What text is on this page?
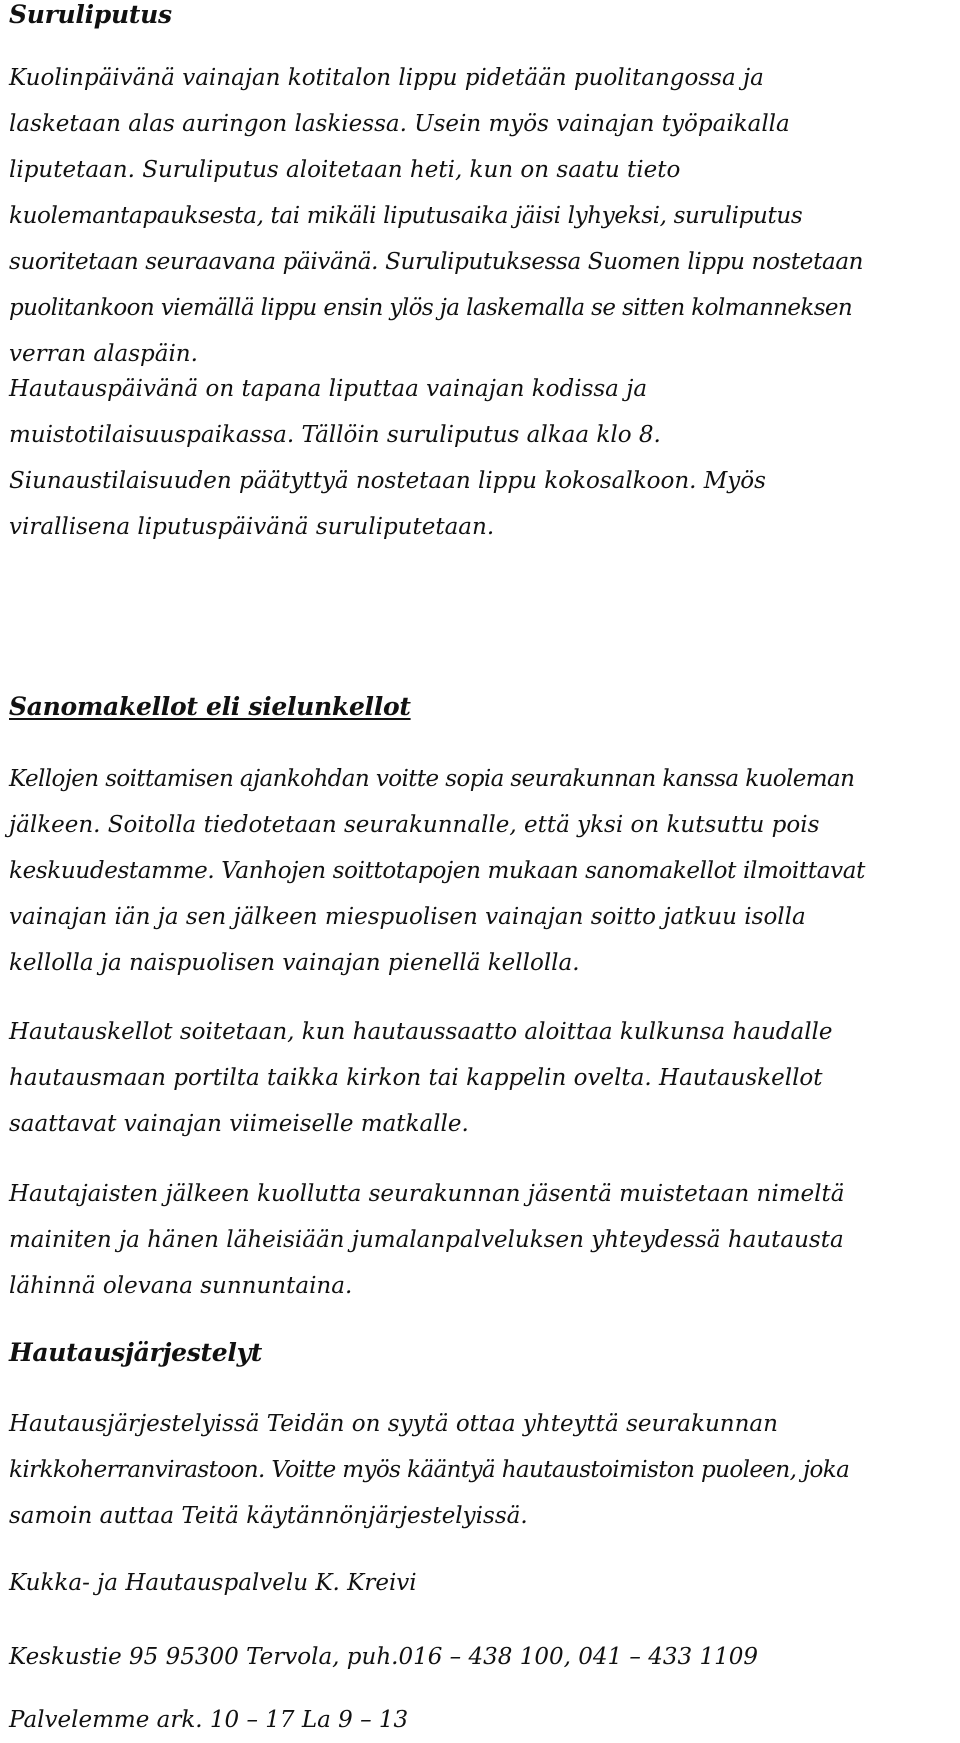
Suruliputus
Kuolinpäivänä vainajan kotitalon lippu pidetään puolitangossa ja
lasketaan alas auringon laskiessa. Usein myös vainajan työpaikalla
liputetaan. Suruliputus aloitetaan heti, kun on saatu tieto
kuolemantapauksesta, tai mikäli liputusaika jäisi lyhyeksi, suruliputus
suoritetaan seuraavana päivänä. Suruliputuksessa Suomen lippu nostetaan
puolitankoon viemällä lippu ensin ylös ja laskemalla se sitten kolmanneksen
verran alaspäin.
Hautauspäivänä on tapana liputtaa vainajan kodissa ja
muistotilaisuuspaikassa. Tällöin suruliputus alkaa klo 8.
Siunaustilaisuuden päätyttyä nostetaan lippu kokosalkoon. Myös
virallisena liputuspäivänä suruliputetaan.
Sanomakellot eli sielunkellot
Kellojen soittamisen ajankohdan voitte sopia seurakunnan kanssa kuoleman
jälkeen. Soitolla tiedotetaan seurakunnalle, että yksi on kutsuttu pois
keskuudestamme. Vanhojen soittotapojen mukaan sanomakellot ilmoittavat
vainajan iän ja sen jälkeen miespuolisen vainajan soitto jatkuu isolla
kellolla ja naispuolisen vainajan pienellä kellolla.
Hautauskellot soitetaan, kun hautaussaatto aloittaa kulkunsa haudalle
hautausmaan portilta taikka kirkon tai kappelin ovelta. Hautauskellot
saattavat vainajan viimeiselle matkalle.
Hautajaisten jälkeen kuollutta seurakunnan jäsentä muistetaan nimeltä
mainiten ja hänen läheisiään jumalanpalveluksen yhteydessä hautausta
lähinnä olevana sunnuntaina.
Hautausjärjestelyt
Hautausjärjestelyissä Teidän on syytä ottaa yhteyttä seurakunnan
kirkkoherranvirastoon. Voitte myös kääntyä hautaustoimiston puoleen, joka
samoin auttaa Teitä käytännönjärjestelyissä.
Kukka- ja Hautauspalvelu K. Kreivi
Keskustie 95 95300 Tervola, puh.016 – 438 100, 041 – 433 1109
Palvelemme ark. 10 – 17 La 9 – 13
